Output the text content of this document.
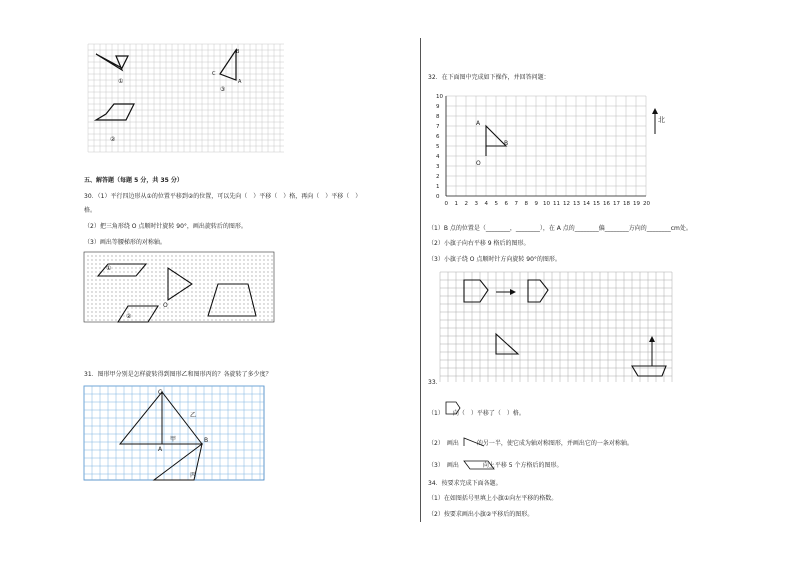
①
③
②
B
C
A
五、解答题（每题 5 分，共 35 分）
30．（1）平行四边形从①的位置平移到②的位置，可以先向（　）平移（　）格，再向（　）平移（　）
格。
（2）把三角形绕 O 点顺时针旋转 90°，画出旋转后的图形。
（3）画出等腰梯形的对称轴。
①
②
O
31．图形甲分别是怎样旋转得到图形乙和图形丙的？各旋转了多少度？
C
A
B
甲
乙
丙
32．在下面图中完成如下操作，并回答问题：
0
1
2
3
4
5
6
7
8
9
10
0 1 2 3 4 5 6 7 8 9 10 11 12 13 14 15 16 17 18 19 20
A
B
O
北
（1）B 点的位置是（________，________），在 A 点的________偏________方向的________cm处。
（2）小旗子向右平移 9 格后的图形。
（3）小旗子绕 O 点顺时针方向旋转 90°的图形。
33．
（1）　　向（　）平移了（　）格。
（2）　画出　　　的另一半，使它成为轴对称图形，并画出它的一条对称轴。
（3）　画出　　　　向上平移 5 个方格后的图形。
34．按要求完成下面各题。
（1）在如图括号里填上小旗①向左平移的格数。
（2）按要求画出小旗②平移后的图形。
